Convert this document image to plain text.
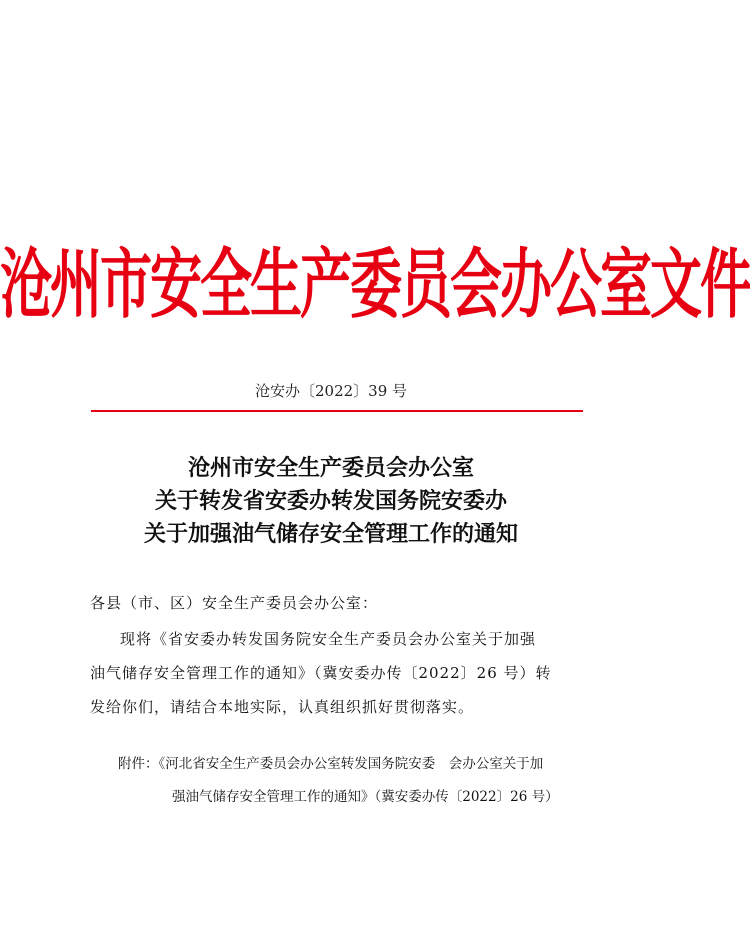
沧州市安全生产委员会办公室文件
沧安办〔2022〕39 号
沧州市安全生产委员会办公室
关于转发省安委办转发国务院安委办
关于加强油气储存安全管理工作的通知
各县（市、区）安全生产委员会办公室：
现将《省安委办转发国务院安全生产委员会办公室关于加强
油气储存安全管理工作的通知》（冀安委办传〔2022〕26 号）转
发给你们，请结合本地实际，认真组织抓好贯彻落实。
附件：《河北省安全生产委员会办公室转发国务院安委　会办公室关于加
强油气储存安全管理工作的通知》（冀安委办传〔2022〕26 号）
